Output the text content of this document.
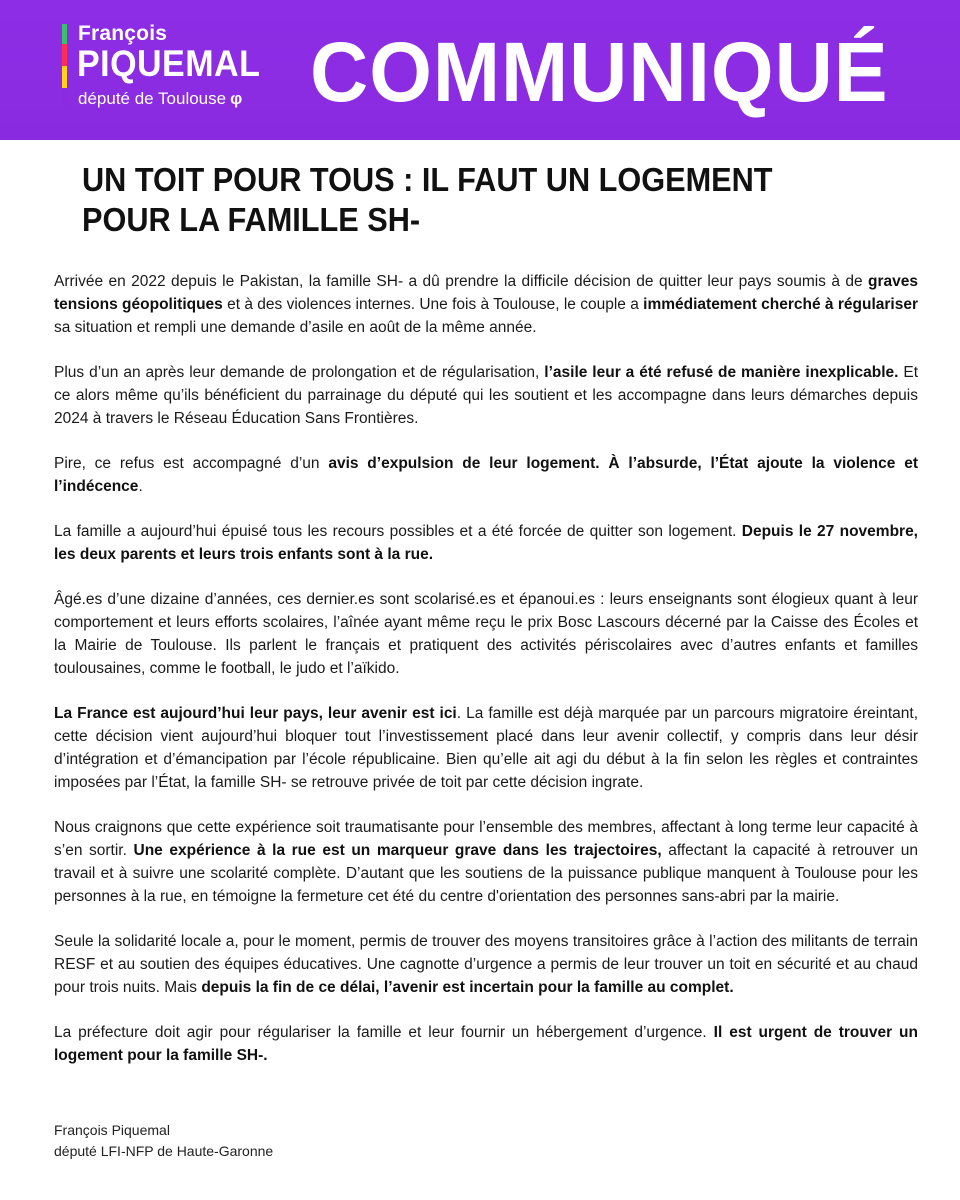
François
PIQUEMAL
député de Toulouse φ COMMUNIQUÉ
UN TOIT POUR TOUS : IL FAUT UN LOGEMENT POUR LA FAMILLE SH-

Arrivée en 2022 depuis le Pakistan, la famille SH- a dû prendre la difficile décision de quitter leur pays soumis à de graves tensions géopolitiques et à des violences internes. Une fois à Toulouse, le couple a immédiatement cherché à régulariser sa situation et rempli une demande d’asile en août de la même année.

Plus d’un an après leur demande de prolongation et de régularisation, l’asile leur a été refusé de manière inexplicable. Et ce alors même qu’ils bénéficient du parrainage du député qui les soutient et les accompagne dans leurs démarches depuis 2024 à travers le Réseau Éducation Sans Frontières.

Pire, ce refus est accompagné d’un avis d’expulsion de leur logement. À l’absurde, l’État ajoute la violence et l’indécence.

La famille a aujourd’hui épuisé tous les recours possibles et a été forcée de quitter son logement. Depuis le 27 novembre, les deux parents et leurs trois enfants sont à la rue.

Âgé.es d’une dizaine d’années, ces dernier.es sont scolarisé.es et épanoui.es : leurs enseignants sont élogieux quant à leur comportement et leurs efforts scolaires, l’aînée ayant même reçu le prix Bosc Lascours décerné par la Caisse des Écoles et la Mairie de Toulouse. Ils parlent le français et pratiquent des activités périscolaires avec d’autres enfants et familles toulousaines, comme le football, le judo et l’aïkido.

La France est aujourd’hui leur pays, leur avenir est ici. La famille est déjà marquée par un parcours migratoire éreintant, cette décision vient aujourd’hui bloquer tout l’investissement placé dans leur avenir collectif, y compris dans leur désir d’intégration et d’émancipation par l’école républicaine. Bien qu’elle ait agi du début à la fin selon les règles et contraintes imposées par l’État, la famille SH- se retrouve privée de toit par cette décision ingrate.

Nous craignons que cette expérience soit traumatisante pour l’ensemble des membres, affectant à long terme leur capacité à s’en sortir. Une expérience à la rue est un marqueur grave dans les trajectoires, affectant la capacité à retrouver un travail et à suivre une scolarité complète. D’autant que les soutiens de la puissance publique manquent à Toulouse pour les personnes à la rue, en témoigne la fermeture cet été du centre d'orientation des personnes sans-abri par la mairie.

Seule la solidarité locale a, pour le moment, permis de trouver des moyens transitoires grâce à l’action des militants de terrain RESF et au soutien des équipes éducatives. Une cagnotte d’urgence a permis de leur trouver un toit en sécurité et au chaud pour trois nuits. Mais depuis la fin de ce délai, l’avenir est incertain pour la famille au complet.

La préfecture doit agir pour régulariser la famille et leur fournir un hébergement d’urgence. Il est urgent de trouver un logement pour la famille SH-.

François Piquemal
député LFI-NFP de Haute-Garonne
